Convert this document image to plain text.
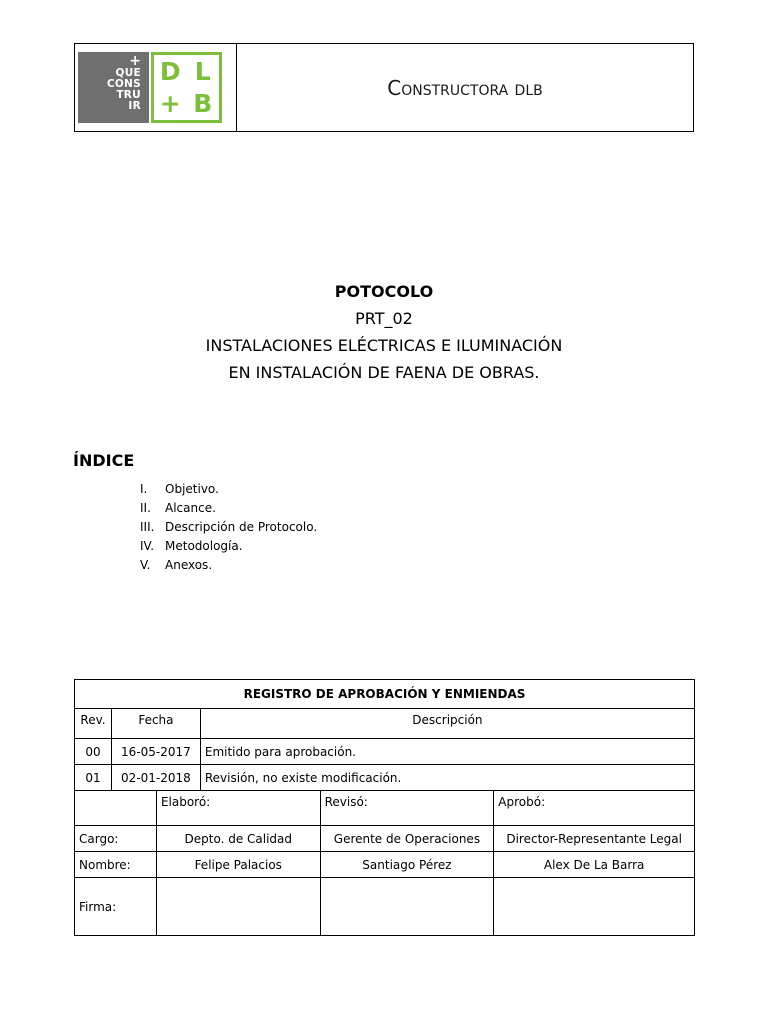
+
QUE
CONS
TRU
IR
D L
+ B
Constructora dlb
POTOCOLO
PRT_02
INSTALACIONES ELÉCTRICAS E ILUMINACIÓN
EN INSTALACIÓN DE FAENA DE OBRAS.
ÍNDICE
I.	Objetivo.
II.	Alcance.
III. Descripción de Protocolo.
IV. Metodología.
V.	Anexos.
REGISTRO DE APROBACIÓN Y ENMIENDAS					
Rev.	Fecha		Descripción		
00	16-05-2017		Emitido para aprobación.		
01	02-01-2018		Revisión, no existe modificación.		
		Elaboró:		Revisó:	Aprobó:
Cargo:		Depto. de Calidad		Gerente de Operaciones	Director-Representante Legal
Nombre:		Felipe Palacios		Santiago Pérez	Alex De La Barra
Firma:					
